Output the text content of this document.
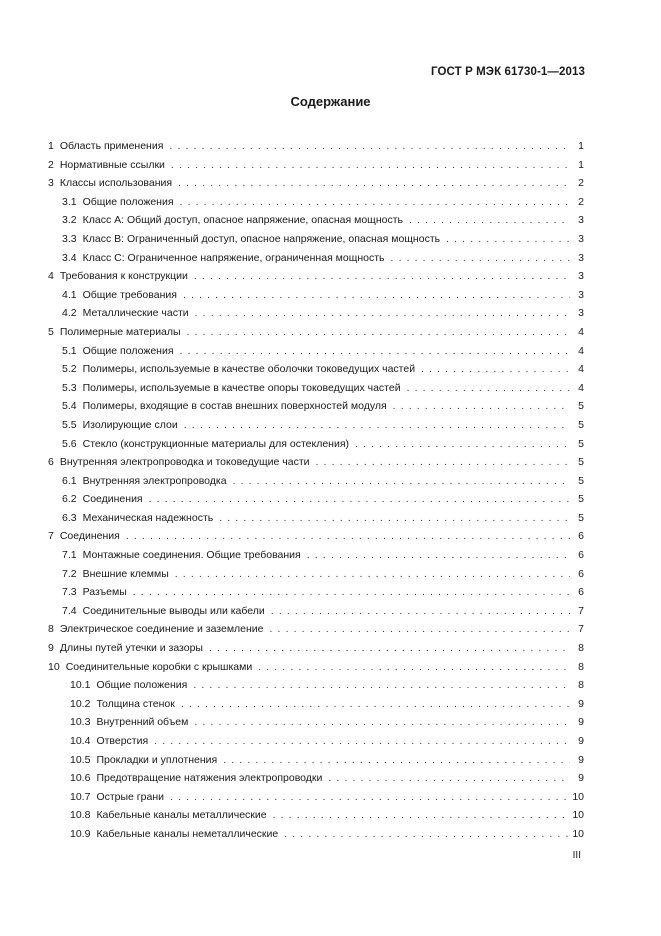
ГОСТ Р МЭК 61730-1—2013
Содержание
1 Область применения . . .	1
2 Нормативные ссылки . . .	1
3 Классы использования . . .	2
3.1 Общие положения . . .	2
3.2 Класс А: Общий доступ, опасное напряжение, опасная мощность . . .	3
3.3 Класс В: Ограниченный доступ, опасное напряжение, опасная мощность . . .	3
3.4 Класс С: Ограниченное напряжение, ограниченная мощность . . .	3
4 Требования к конструкции . . .	3
4.1 Общие требования . . .	3
4.2 Металлические части . . .	3
5 Полимерные материалы . . .	4
5.1 Общие положения . . .	4
5.2 Полимеры, используемые в качестве оболочки токоведущих частей . . .	4
5.3 Полимеры, используемые в качестве опоры токоведущих частей . . .	4
5.4 Полимеры, входящие в состав внешних поверхностей модуля . . .	5
5.5 Изолирующие слои . . .	5
5.6 Стекло (конструкционные материалы для остекления) . . .	5
6 Внутренняя электропроводка и токоведущие части . . .	5
6.1 Внутренняя электропроводка . . .	5
6.2 Соединения . . .	5
6.3 Механическая надежность . . .	5
7 Соединения . . .	6
7.1 Монтажные соединения. Общие требования . . .	6
7.2 Внешние клеммы . . .	6
7.3 Разъемы . . .	6
7.4 Соединительные выводы или кабели . . .	7
8 Электрическое соединение и заземление . . .	7
9 Длины путей утечки и зазоры . . .	8
10 Соединительные коробки с крышками . . .	8
10.1 Общие положения . . .	8
10.2 Толщина стенок . . .	9
10.3 Внутренний объем . . .	9
10.4 Отверстия . . .	9
10.5 Прокладки и уплотнения . . .	9
10.6 Предотвращение натяжения электропроводки . . .	9
10.7 Острые грани . . .	10
10.8 Кабельные каналы металлические . . .	10
10.9 Кабельные каналы неметаллические . . .	10
III
